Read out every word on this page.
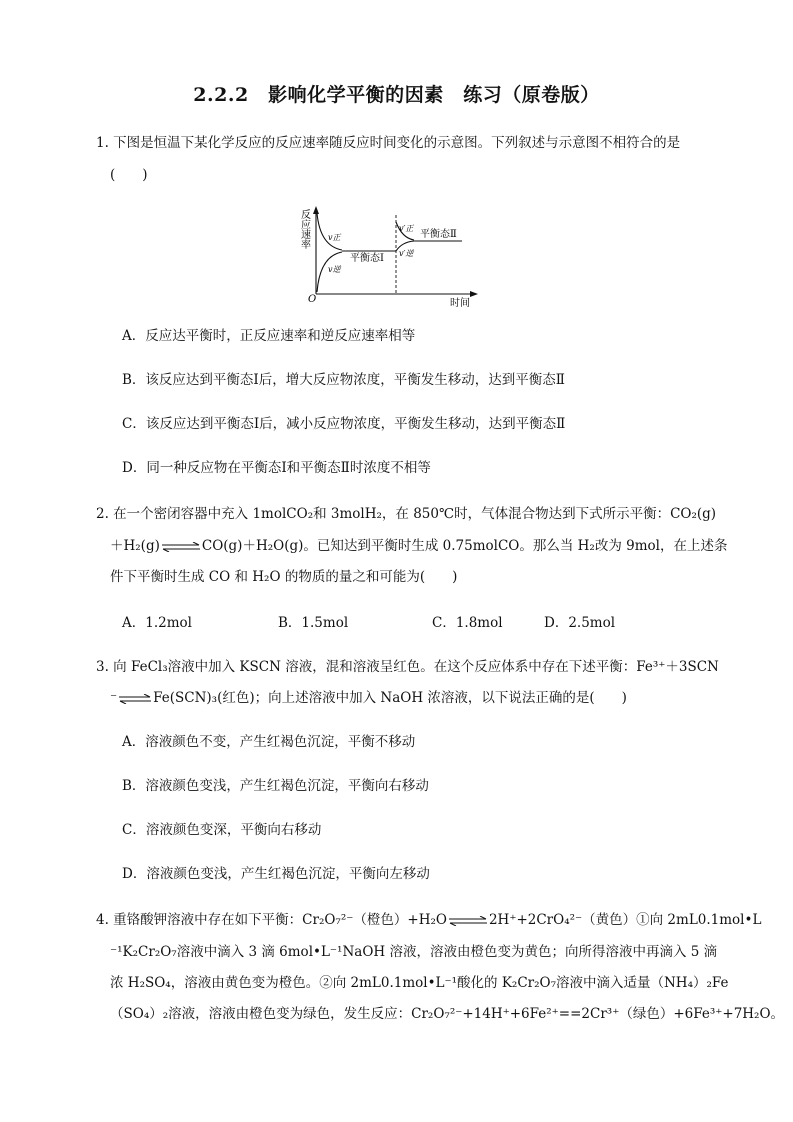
2.2.2　影响化学平衡的因素　练习（原卷版）
1. 下图是恒温下某化学反应的反应速率随反应时间变化的示意图。下列叙述与示意图不相符合的是
(　　)
反应速率
O	时间
v正
v逆
平衡态Ⅰ
v′正
v′逆
平衡态Ⅱ
A．反应达平衡时，正反应速率和逆反应速率相等
B．该反应达到平衡态Ⅰ后，增大反应物浓度，平衡发生移动，达到平衡态Ⅱ
C．该反应达到平衡态Ⅰ后，减小反应物浓度，平衡发生移动，达到平衡态Ⅱ
D．同一种反应物在平衡态Ⅰ和平衡态Ⅱ时浓度不相等
2. 在一个密闭容器中充入 1molCO₂和 3molH₂，在 850℃时，气体混合物达到下式所示平衡：CO₂(g)
＋H₂(g)⇌CO(g)＋H₂O(g)。已知达到平衡时生成 0.75molCO。那么当 H₂改为 9mol，在上述条
件下平衡时生成 CO 和 H₂O 的物质的量之和可能为(　　)
A．1.2mol	B．1.5mol	C．1.8mol	D．2.5mol
3. 向 FeCl₃溶液中加入 KSCN 溶液，混和溶液呈红色。在这个反应体系中存在下述平衡：Fe³⁺＋3SCN
⁻⇌Fe(SCN)₃(红色)；向上述溶液中加入 NaOH 浓溶液，以下说法正确的是(　　)
A．溶液颜色不变，产生红褐色沉淀，平衡不移动
B．溶液颜色变浅，产生红褐色沉淀，平衡向右移动
C．溶液颜色变深，平衡向右移动
D．溶液颜色变浅，产生红褐色沉淀，平衡向左移动
4. 重铬酸钾溶液中存在如下平衡：Cr₂O₇²⁻（橙色）+H₂O⇌2H⁺+2CrO₄²⁻（黄色）①向 2mL0.1mol•L
⁻¹K₂Cr₂O₇溶液中滴入 3 滴 6mol•L⁻¹NaOH 溶液，溶液由橙色变为黄色；向所得溶液中再滴入 5 滴
浓 H₂SO₄，溶液由黄色变为橙色。②向 2mL0.1mol•L⁻¹酸化的 K₂Cr₂O₇溶液中滴入适量（NH₄）₂Fe
（SO₄）₂溶液，溶液由橙色变为绿色，发生反应：Cr₂O₇²⁻+14H⁺+6Fe²⁺==2Cr³⁺（绿色）+6Fe³⁺+7H₂O。
